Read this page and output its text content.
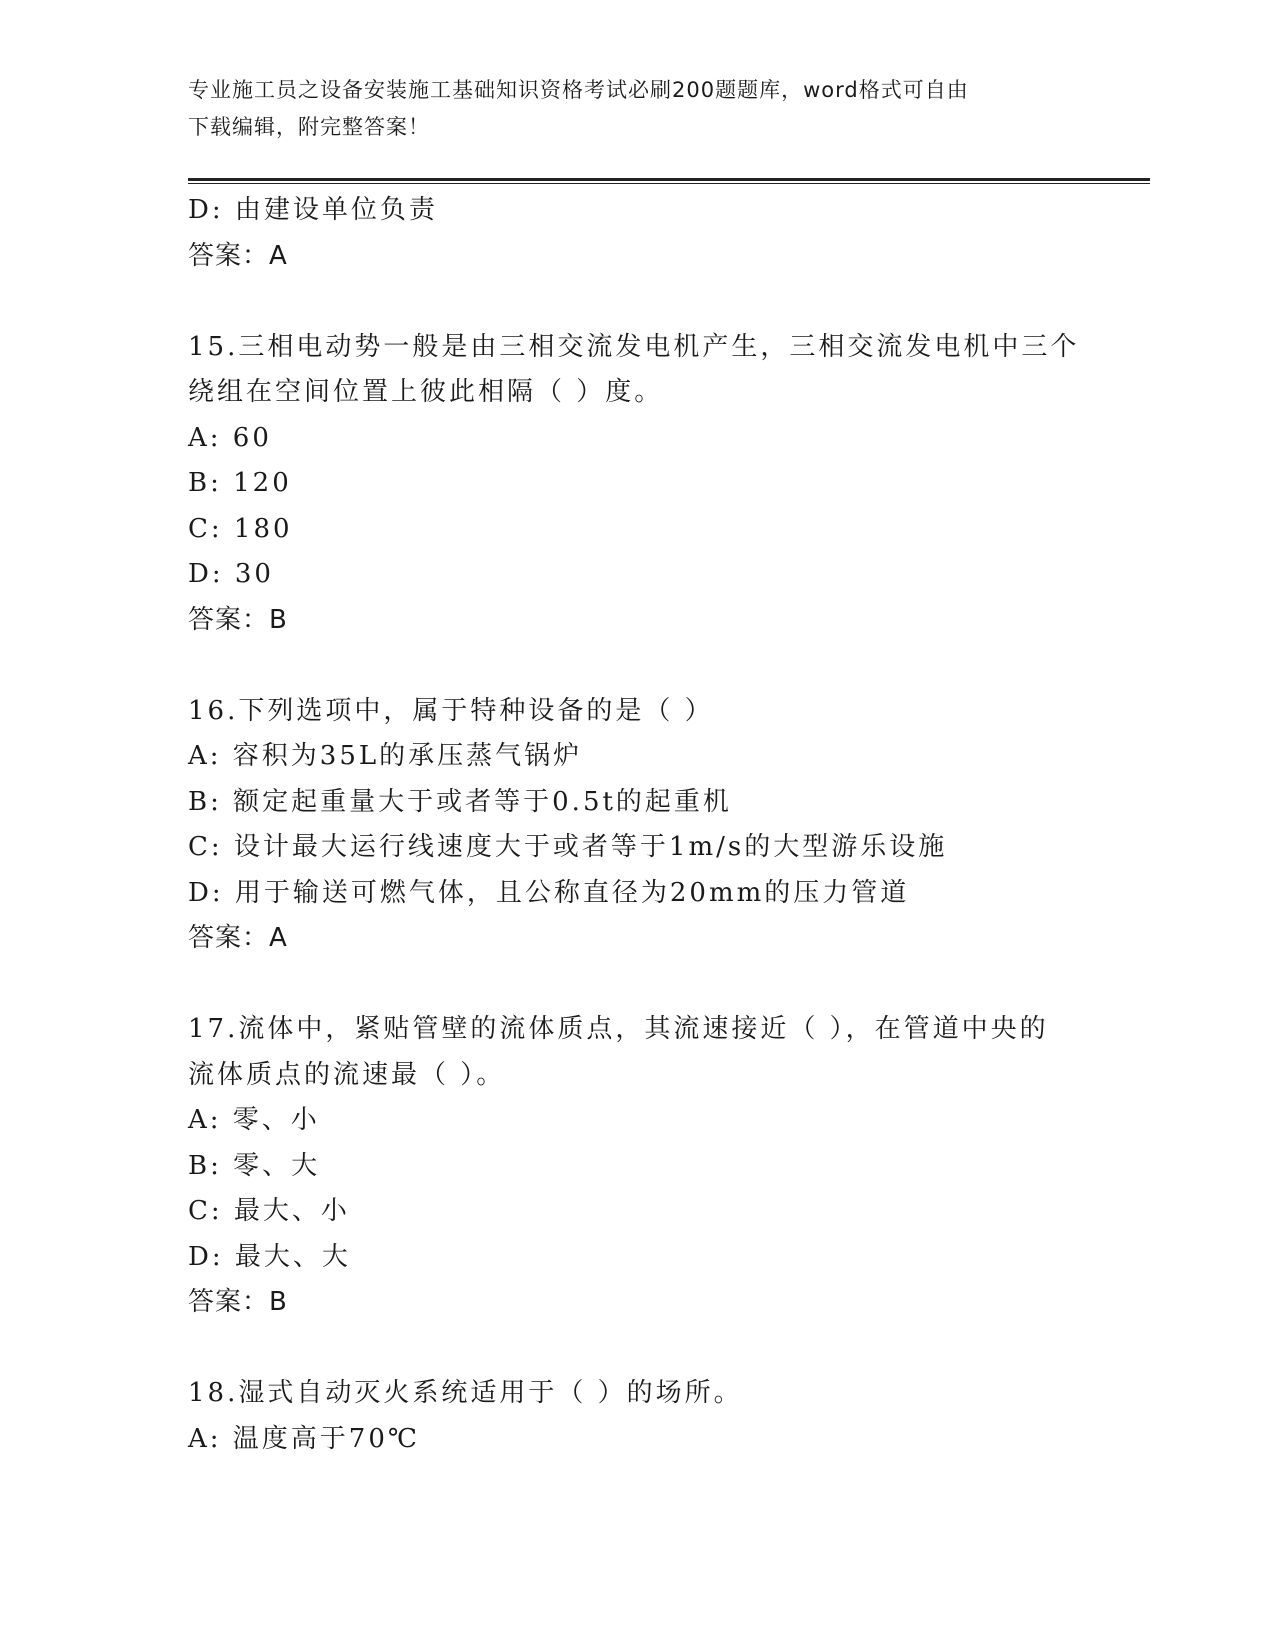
专业施工员之设备安装施工基础知识资格考试必刷200题题库，word格式可自由
下载编辑，附完整答案！
D: 由建设单位负责
答案：A
15.三相电动势一般是由三相交流发电机产生，三相交流发电机中三个
绕组在空间位置上彼此相隔（ ）度。
A: 60
B: 120
C: 180
D: 30
答案：B
16.下列选项中，属于特种设备的是（ ）
A: 容积为35L的承压蒸气锅炉
B: 额定起重量大于或者等于0.5t的起重机
C: 设计最大运行线速度大于或者等于1m/s的大型游乐设施
D: 用于输送可燃气体，且公称直径为20mm的压力管道
答案：A
17.流体中，紧贴管壁的流体质点，其流速接近（ ），在管道中央的
流体质点的流速最（ ）。
A: 零、小
B: 零、大
C: 最大、小
D: 最大、大
答案：B
18.湿式自动灭火系统适用于（ ）的场所。
A: 温度高于70℃
